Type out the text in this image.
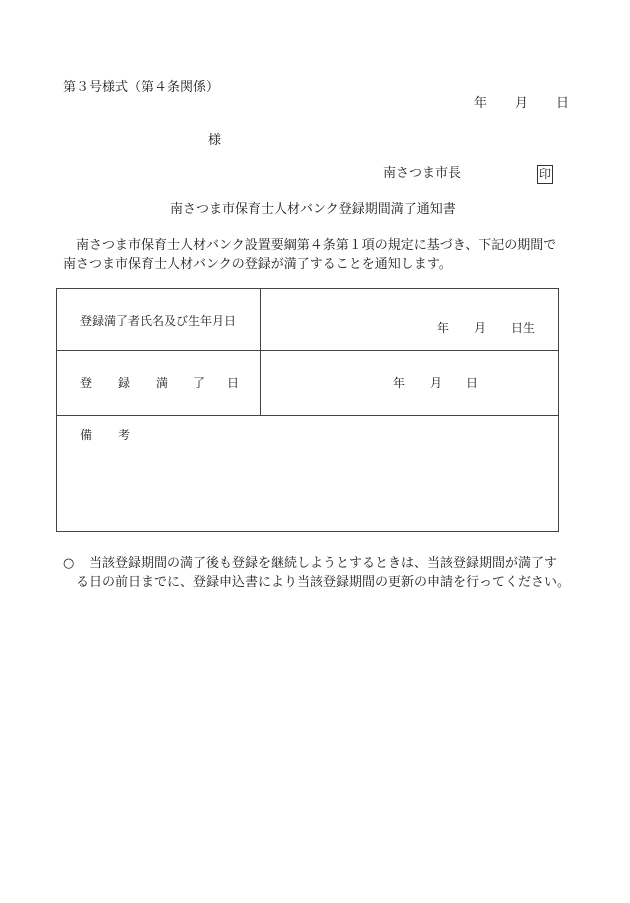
第３号様式（第４条関係）
年 月 日
様
南さつま市長	印
南さつま市保育士人材バンク登録期間満了通知書
南さつま市保育士人材バンク設置要綱第４条第１項の規定に基づき、下記の期間で
南さつま市保育士人材バンクの登録が満了することを通知します。
登録満了者氏名及び生年月日	年 月 日生
登 録 満 了 日	年 月 日
備 考
○ 当該登録期間の満了後も登録を継続しようとするときは、当該登録期間が満了す
る日の前日までに、登録申込書により当該登録期間の更新の申請を行ってください。
